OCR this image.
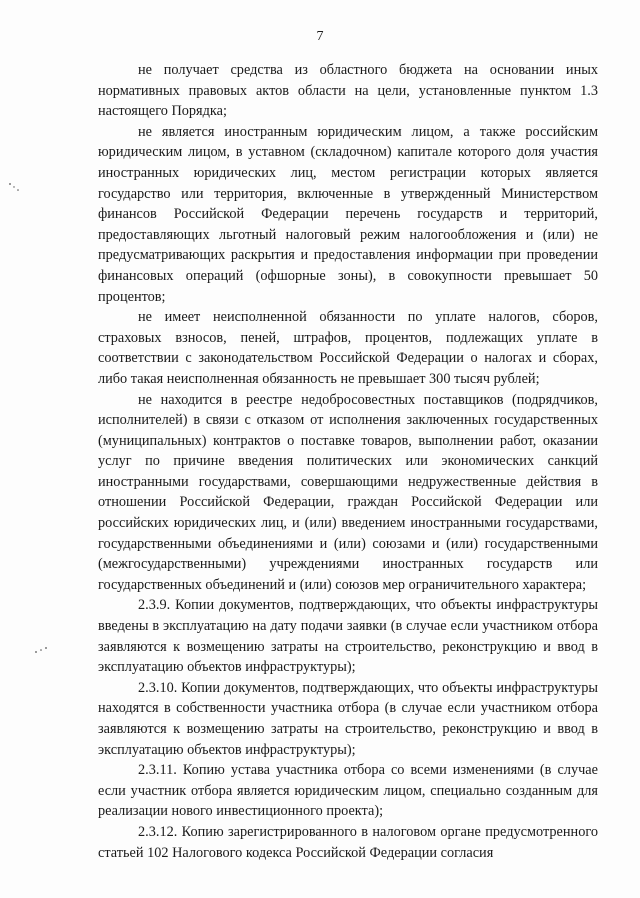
7

не получает средства из областного бюджета на основании иных нормативных правовых актов области на цели, установленные пунктом 1.3 настоящего Порядка;

не является иностранным юридическим лицом, а также российским юридическим лицом, в уставном (складочном) капитале которого доля участия иностранных юридических лиц, местом регистрации которых является государство или территория, включенные в утвержденный Министерством финансов Российской Федерации перечень государств и территорий, предоставляющих льготный налоговый режим налогообложения и (или) не предусматривающих раскрытия и предоставления информации при проведении финансовых операций (офшорные зоны), в совокупности превышает 50 процентов;

не имеет неисполненной обязанности по уплате налогов, сборов, страховых взносов, пеней, штрафов, процентов, подлежащих уплате в соответствии с законодательством Российской Федерации о налогах и сборах, либо такая неисполненная обязанность не превышает 300 тысяч рублей;

не находится в реестре недобросовестных поставщиков (подрядчиков, исполнителей) в связи с отказом от исполнения заключенных государственных (муниципальных) контрактов о поставке товаров, выполнении работ, оказании услуг по причине введения политических или экономических санкций иностранными государствами, совершающими недружественные действия в отношении Российской Федерации, граждан Российской Федерации или российских юридических лиц, и (или) введением иностранными государствами, государственными объединениями и (или) союзами и (или) государственными (межгосударственными) учреждениями иностранных государств или государственных объединений и (или) союзов мер ограничительного характера;

2.3.9. Копии документов, подтверждающих, что объекты инфраструктуры введены в эксплуатацию на дату подачи заявки (в случае если участником отбора заявляются к возмещению затраты на строительство, реконструкцию и ввод в эксплуатацию объектов инфраструктуры);

2.3.10. Копии документов, подтверждающих, что объекты инфраструктуры находятся в собственности участника отбора (в случае если участником отбора заявляются к возмещению затраты на строительство, реконструкцию и ввод в эксплуатацию объектов инфраструктуры);

2.3.11. Копию устава участника отбора со всеми изменениями (в случае если участник отбора является юридическим лицом, специально созданным для реализации нового инвестиционного проекта);

2.3.12. Копию зарегистрированного в налоговом органе предусмотренного статьей 102 Налогового кодекса Российской Федерации согласия
